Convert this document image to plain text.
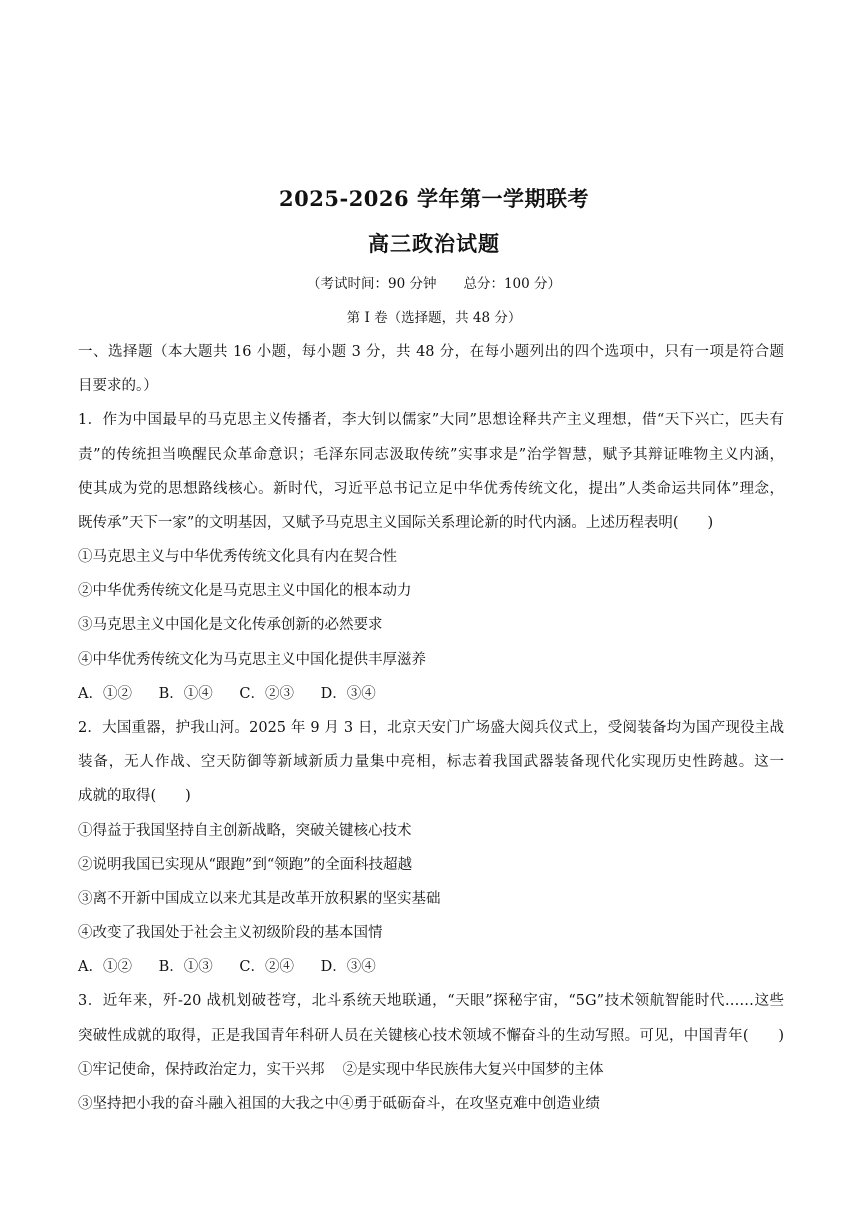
2025-2026 学年第一学期联考
高三政治试题
（考试时间：90 分钟　　总分：100 分）
第 I 卷（选择题，共 48 分）
一、选择题（本大题共 16 小题，每小题 3 分，共 48 分，在每小题列出的四个选项中，只有一项是符合题
目要求的。）
1．作为中国最早的马克思主义传播者，李大钊以儒家”大同”思想诠释共产主义理想，借“天下兴亡，匹夫有
责”的传统担当唤醒民众革命意识；毛泽东同志汲取传统”实事求是”治学智慧，赋予其辩证唯物主义内涵，
使其成为党的思想路线核心。新时代，习近平总书记立足中华优秀传统文化，提出”人类命运共同体”理念，
既传承”天下一家”的文明基因，又赋予马克思主义国际关系理论新的时代内涵。上述历程表明(　　)
①马克思主义与中华优秀传统文化具有内在契合性
②中华优秀传统文化是马克思主义中国化的根本动力
③马克思主义中国化是文化传承创新的必然要求
④中华优秀传统文化为马克思主义中国化提供丰厚滋养
A．①② B．①④ C．②③ D．③④
2．大国重器，护我山河。2025 年 9 月 3 日，北京天安门广场盛大阅兵仪式上，受阅装备均为国产现役主战
装备，无人作战、空天防御等新域新质力量集中亮相，标志着我国武器装备现代化实现历史性跨越。这一
成就的取得(　　)
①得益于我国坚持自主创新战略，突破关键核心技术
②说明我国已实现从“跟跑”到“领跑”的全面科技超越
③离不开新中国成立以来尤其是改革开放积累的坚实基础
④改变了我国处于社会主义初级阶段的基本国情
A．①② B．①③ C．②④ D．③④
3．近年来，歼-20 战机划破苍穹，北斗系统天地联通，“天眼”探秘宇宙，“5G”技术领航智能时代……这些
突破性成就的取得，正是我国青年科研人员在关键核心技术领域不懈奋斗的生动写照。可见，中国青年(　　)
①牢记使命，保持政治定力，实干兴邦 ②是实现中华民族伟大复兴中国梦的主体
③坚持把小我的奋斗融入祖国的大我之中④勇于砥砺奋斗，在攻坚克难中创造业绩
